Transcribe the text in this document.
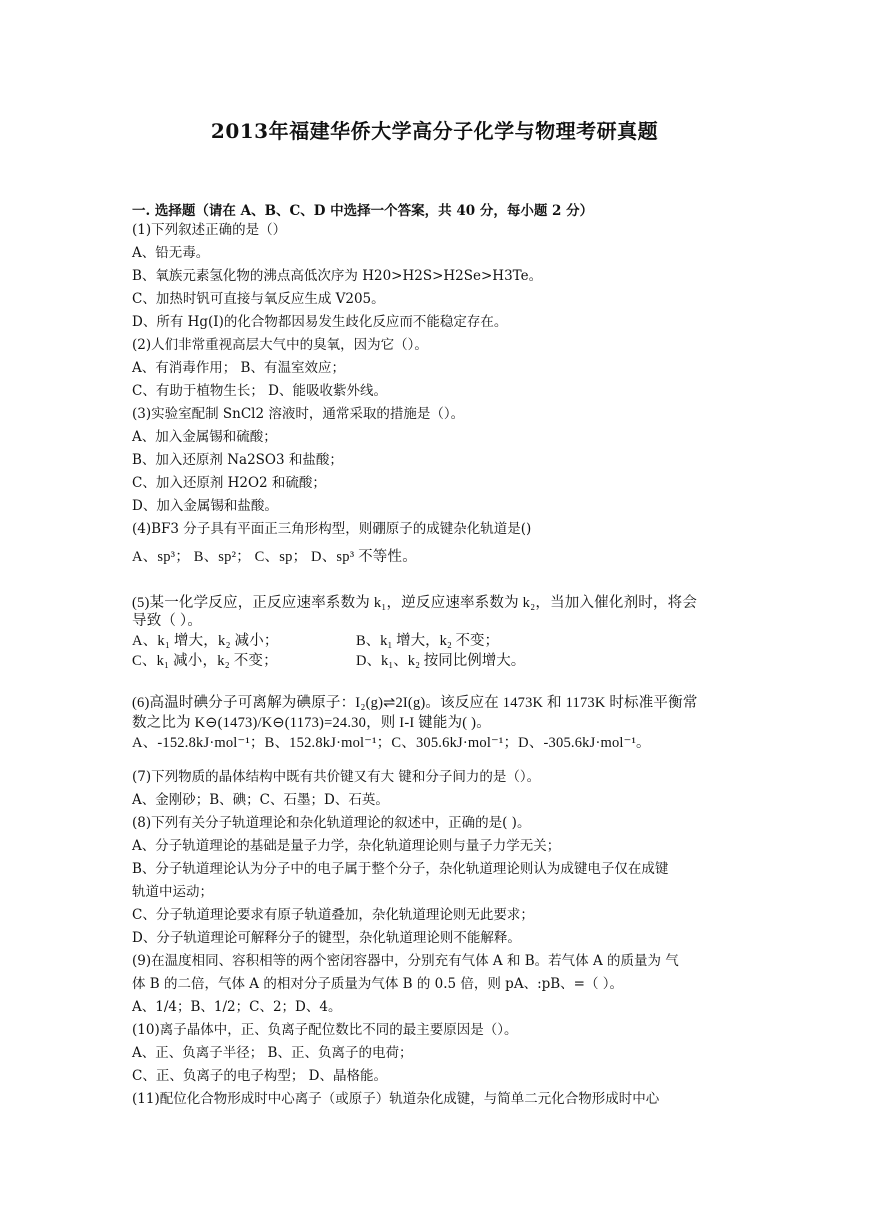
2013年福建华侨大学高分子化学与物理考研真题
一. 选择题（请在 A、B、C、D 中选择一个答案，共 40 分，每小题 2 分）
(1)下列叙述正确的是（）
A、铅无毒。
B、氧族元素氢化物的沸点高低次序为 H20>H2S>H2Se>H3Te。
C、加热时钒可直接与氧反应生成 V205。
D、所有 Hg(Ⅰ)的化合物都因易发生歧化反应而不能稳定存在。
(2)人们非常重视高层大气中的臭氧，因为它（）。
A、有消毒作用； B、有温室效应；
C、有助于植物生长； D、能吸收紫外线。
(3)实验室配制 SnCl2 溶液时，通常采取的措施是（）。
A、加入金属锡和硫酸；
B、加入还原剂 Na2SO3 和盐酸；
C、加入还原剂 H2O2 和硫酸；
D、加入金属锡和盐酸。
(4)BF3 分子具有平面正三角形构型，则硼原子的成键杂化轨道是()
A、sp³； B、sp²； C、sp； D、sp³ 不等性。
(5)某一化学反应，正反应速率系数为 k₁，逆反应速率系数为 k₂，当加入催化剂时，将会
导致（ ）。
A、k₁ 增大，k₂ 减小；	B、k₁ 增大，k₂ 不变；
C、k₁ 减小，k₂ 不变；	D、k₁、k₂ 按同比例增大。
(6)高温时碘分子可离解为碘原子：I₂(g)⇌2I(g)。该反应在 1473K 和 1173K 时标准平衡常
数之比为 K⊖(1473)/K⊖(1173)=24.30，则 I-I 键能为( )。
A、-152.8kJ·mol⁻¹；B、152.8kJ·mol⁻¹；C、305.6kJ·mol⁻¹；D、-305.6kJ·mol⁻¹。
(7)下列物质的晶体结构中既有共价键又有大 键和分子间力的是（）。
A、金刚砂；B、碘；C、石墨；D、石英。
(8)下列有关分子轨道理论和杂化轨道理论的叙述中，正确的是( )。
A、分子轨道理论的基础是量子力学，杂化轨道理论则与量子力学无关；
B、分子轨道理论认为分子中的电子属于整个分子，杂化轨道理论则认为成键电子仅在成键
轨道中运动；
C、分子轨道理论要求有原子轨道叠加，杂化轨道理论则无此要求；
D、分子轨道理论可解释分子的键型，杂化轨道理论则不能解释。
(9)在温度相同、容积相等的两个密闭容器中，分别充有气体 A 和 B。若气体 A 的质量为 气
体 B 的二倍，气体 A 的相对分子质量为气体 B 的 0.5 倍，则 pA、:pB、=（ ）。
A、1/4；B、1/2；C、2；D、4。
(10)离子晶体中，正、负离子配位数比不同的最主要原因是（）。
A、正、负离子半径； B、正、负离子的电荷；
C、正、负离子的电子构型； D、晶格能。
(11)配位化合物形成时中心离子（或原子）轨道杂化成键，与简单二元化合物形成时中心
